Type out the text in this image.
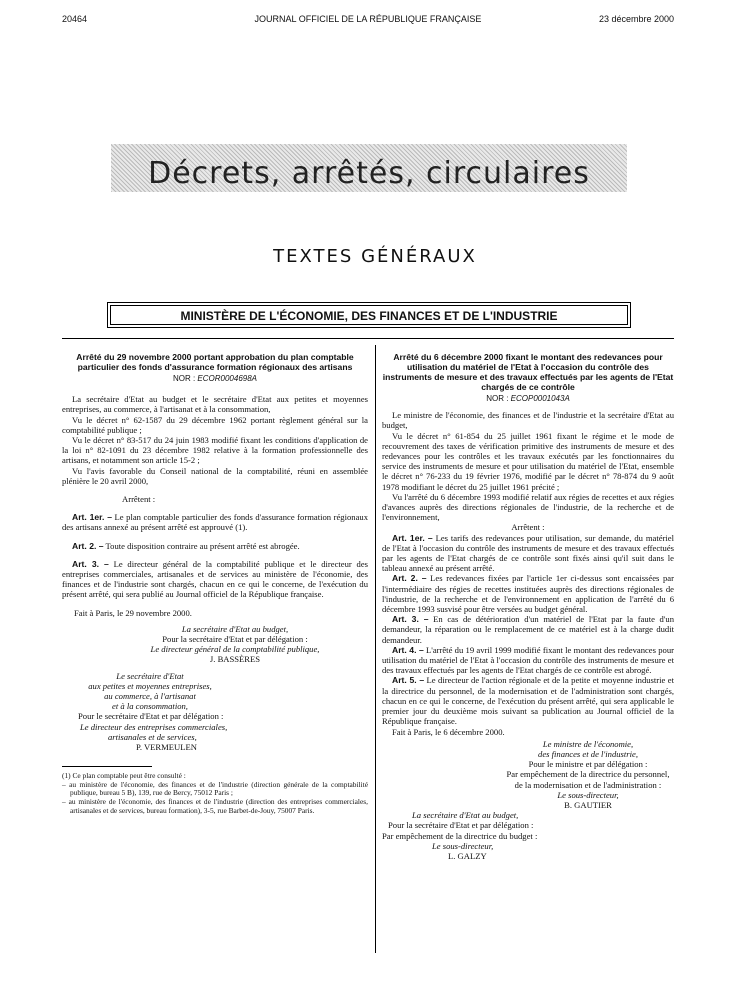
20464	JOURNAL OFFICIEL DE LA RÉPUBLIQUE FRANÇAISE	23 décembre 2000
Décrets, arrêtés, circulaires
TEXTES GÉNÉRAUX
MINISTÈRE DE L'ÉCONOMIE, DES FINANCES ET DE L'INDUSTRIE
Arrêté du 29 novembre 2000 portant approbation du plan comptable particulier des fonds d'assurance formation régionaux des artisans
NOR : ECOR0004698A

La secrétaire d'Etat au budget et le secrétaire d'Etat aux petites et moyennes entreprises, au commerce, à l'artisanat et à la consommation,

Vu le décret n° 62-1587 du 29 décembre 1962 portant règlement général sur la comptabilité publique ;

Vu le décret n° 83-517 du 24 juin 1983 modifié fixant les conditions d'application de la loi n° 82-1091 du 23 décembre 1982 relative à la formation professionnelle des artisans, et notamment son article 15-2 ;

Vu l'avis favorable du Conseil national de la comptabilité, réuni en assemblée plénière le 20 avril 2000,

Arrêtent :

Art. 1er. – Le plan comptable particulier des fonds d'assurance formation régionaux des artisans annexé au présent arrêté est approuvé (1).

Art. 2. – Toute disposition contraire au présent arrêté est abrogée.

Art. 3. – Le directeur général de la comptabilité publique et le directeur des entreprises commerciales, artisanales et de services au ministère de l'économie, des finances et de l'industrie sont chargés, chacun en ce qui le concerne, de l'exécution du présent arrêté, qui sera publié au Journal officiel de la République française.

Fait à Paris, le 29 novembre 2000.

La secrétaire d'Etat au budget,
Pour la secrétaire d'Etat et par délégation :
Le directeur général de la comptabilité publique,
J. BASSÈRES
Le secrétaire d'Etat
aux petites et moyennes entreprises,
au commerce, à l'artisanat
et à la consommation,
Pour le secrétaire d'Etat et par délégation :
Le directeur des entreprises commerciales,
artisanales et de services,
P. VERMEULEN

(1) Ce plan comptable peut être consulté :

– au ministère de l'économie, des finances et de l'industrie (direction générale de la comptabilité publique, bureau 5 B), 139, rue de Bercy, 75012 Paris ;

– au ministère de l'économie, des finances et de l'industrie (direction des entreprises commerciales, artisanales et de services, bureau formation), 3-5, rue Barbet-de-Jouy, 75007 Paris.

Arrêté du 6 décembre 2000 fixant le montant des redevances pour utilisation du matériel de l'Etat à l'occasion du contrôle des instruments de mesure et des travaux effectués par les agents de l'Etat chargés de ce contrôle
NOR : ECOP0001043A

Le ministre de l'économie, des finances et de l'industrie et la secrétaire d'Etat au budget,

Vu le décret n° 61-854 du 25 juillet 1961 fixant le régime et le mode de recouvrement des taxes de vérification primitive des instruments de mesure et des redevances pour les contrôles et les travaux exécutés par les fonctionnaires du service des instruments de mesure et pour utilisation du matériel de l'Etat, ensemble le décret n° 76-233 du 19 février 1976, modifié par le décret n° 78-874 du 9 août 1978 modifiant le décret du 25 juillet 1961 précité ;

Vu l'arrêté du 6 décembre 1993 modifié relatif aux régies de recettes et aux régies d'avances auprès des directions régionales de l'industrie, de la recherche et de l'environnement,

Arrêtent :

Art. 1er. – Les tarifs des redevances pour utilisation, sur demande, du matériel de l'Etat à l'occasion du contrôle des instruments de mesure et des travaux effectués par les agents de l'Etat chargés de ce contrôle sont fixés ainsi qu'il suit dans le tableau annexé au présent arrêté.

Art. 2. – Les redevances fixées par l'article 1er ci-dessus sont encaissées par l'intermédiaire des régies de recettes instituées auprès des directions régionales de l'industrie, de la recherche et de l'environnement en application de l'arrêté du 6 décembre 1993 susvisé pour être versées au budget général.

Art. 3. – En cas de détérioration d'un matériel de l'Etat par la faute d'un demandeur, la réparation ou le remplacement de ce matériel est à la charge dudit demandeur.

Art. 4. – L'arrêté du 19 avril 1999 modifié fixant le montant des redevances pour utilisation du matériel de l'Etat à l'occasion du contrôle des instruments de mesure et des travaux effectués par les agents de l'Etat chargés de ce contrôle est abrogé.

Art. 5. – Le directeur de l'action régionale et de la petite et moyenne industrie et la directrice du personnel, de la modernisation et de l'administration sont chargés, chacun en ce qui le concerne, de l'exécution du présent arrêté, qui sera applicable le premier jour du deuxième mois suivant sa publication au Journal officiel de la République française.

Fait à Paris, le 6 décembre 2000.

Le ministre de l'économie,
des finances et de l'industrie,
Pour le ministre et par délégation :
Par empêchement de la directrice du personnel,
de la modernisation et de l'administration :
Le sous-directeur,
B. GAUTIER
La secrétaire d'Etat au budget,
Pour la secrétaire d'Etat et par délégation :
Par empêchement de la directrice du budget :
Le sous-directeur,
L. GALZY
